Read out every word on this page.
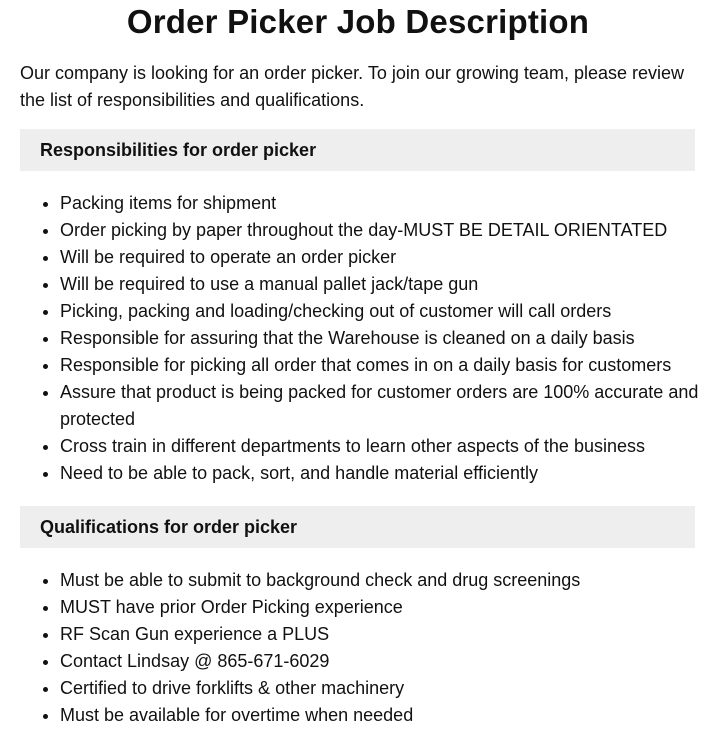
Order Picker Job Description

Our company is looking for an order picker. To join our growing team, please review the list of responsibilities and qualifications.

Responsibilities for order picker
• Packing items for shipment
• Order picking by paper throughout the day-MUST BE DETAIL ORIENTATED
• Will be required to operate an order picker
• Will be required to use a manual pallet jack/tape gun
• Picking, packing and loading/checking out of customer will call orders
• Responsible for assuring that the Warehouse is cleaned on a daily basis
• Responsible for picking all order that comes in on a daily basis for customers
• Assure that product is being packed for customer orders are 100% accurate and protected
• Cross train in different departments to learn other aspects of the business
• Need to be able to pack, sort, and handle material efficiently
Qualifications for order picker
• Must be able to submit to background check and drug screenings
• MUST have prior Order Picking experience
• RF Scan Gun experience a PLUS
• Contact Lindsay @ 865-671-6029
• Certified to drive forklifts & other machinery
• Must be available for overtime when needed
